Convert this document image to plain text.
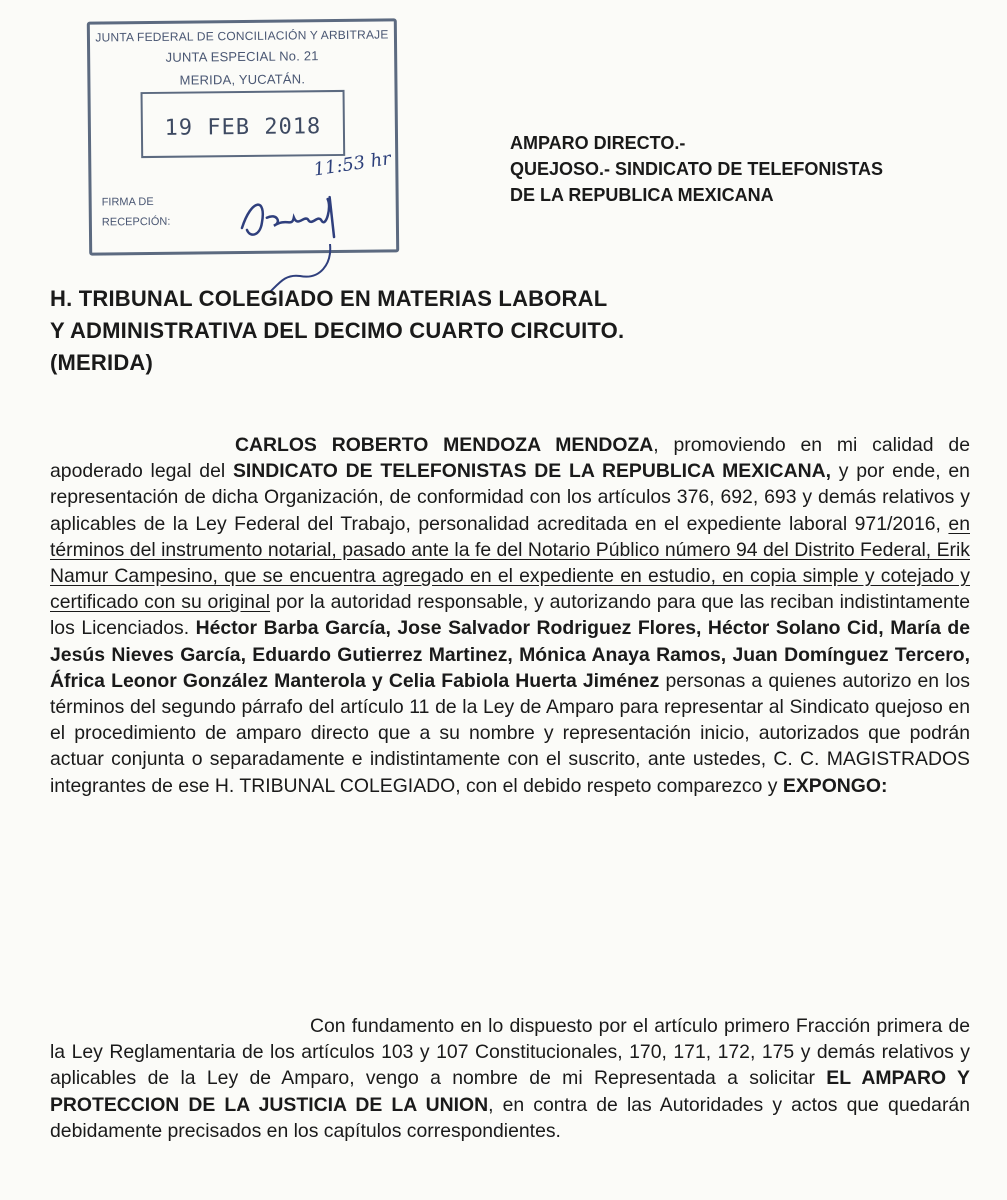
JUNTA FEDERAL DE CONCILIACIÓN Y ARBITRAJE
JUNTA ESPECIAL No. 21
MERIDA, YUCATÁN.
19 FEB 2018
11:53 hr
FIRMA DE
RECEPCIÓN:
AMPARO DIRECTO.-
QUEJOSO.- SINDICATO DE TELEFONISTAS
DE LA REPUBLICA MEXICANA
H. TRIBUNAL COLEGIADO EN MATERIAS LABORAL
Y ADMINISTRATIVA DEL DECIMO CUARTO CIRCUITO.
(MERIDA)
CARLOS ROBERTO MENDOZA MENDOZA, promoviendo en mi calidad de apoderado legal del SINDICATO DE TELEFONISTAS DE LA REPUBLICA MEXICANA, y por ende, en representación de dicha Organización, de conformidad con los artículos 376, 692, 693 y demás relativos y aplicables de la Ley Federal del Trabajo, personalidad acreditada en el expediente laboral 971/2016, en términos del instrumento notarial, pasado ante la fe del Notario Público número 94 del Distrito Federal, Erik Namur Campesino, que se encuentra agregado en el expediente en estudio, en copia simple y cotejado y certificado con su original por la autoridad responsable, y autorizando para que las reciban indistintamente los Licenciados. Héctor Barba García, Jose Salvador Rodriguez Flores, Héctor Solano Cid, María de Jesús Nieves García, Eduardo Gutierrez Martinez, Mónica Anaya Ramos, Juan Domínguez Tercero, África Leonor González Manterola y Celia Fabiola Huerta Jiménez personas a quienes autorizo en los términos del segundo párrafo del artículo 11 de la Ley de Amparo para representar al Sindicato quejoso en el procedimiento de amparo directo que a su nombre y representación inicio, autorizados que podrán actuar conjunta o separadamente e indistintamente con el suscrito, ante ustedes, C. C. MAGISTRADOS integrantes de ese H. TRIBUNAL COLEGIADO, con el debido respeto comparezco y EXPONGO:
Con fundamento en lo dispuesto por el artículo primero Fracción primera de la Ley Reglamentaria de los artículos 103 y 107 Constitucionales, 170, 171, 172, 175 y demás relativos y aplicables de la Ley de Amparo, vengo a nombre de mi Representada a solicitar EL AMPARO Y PROTECCION DE LA JUSTICIA DE LA UNION, en contra de las Autoridades y actos que quedarán debidamente precisados en los capítulos correspondientes.
